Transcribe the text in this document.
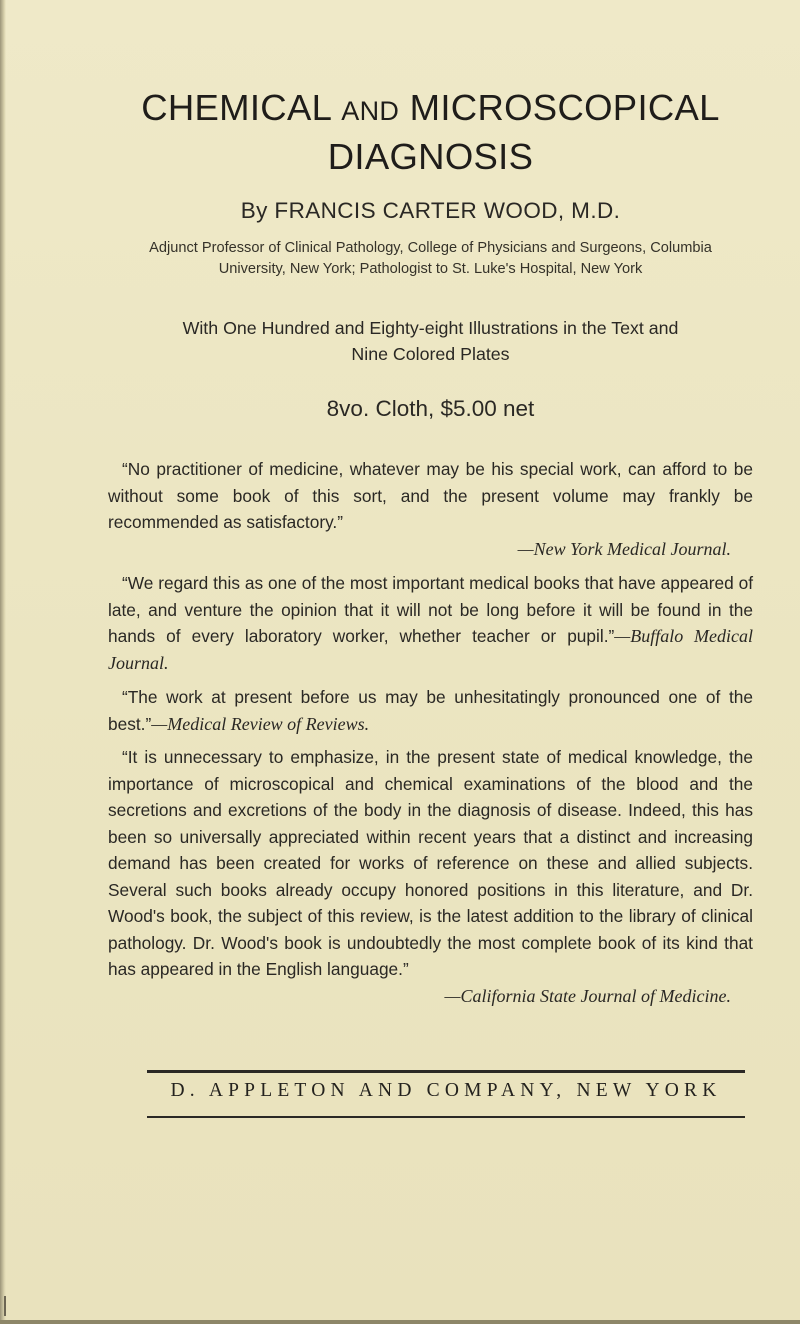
CHEMICAL AND MICROSCOPICAL
DIAGNOSIS
By FRANCIS CARTER WOOD, M.D.
Adjunct Professor of Clinical Pathology, College of Physicians and Surgeons, Columbia
University, New York; Pathologist to St. Luke's Hospital, New York
With One Hundred and Eighty-eight Illustrations in the Text and
Nine Colored Plates
8vo. Cloth, $5.00 net

“No practitioner of medicine, whatever may be his special work, can afford to be without some book of this sort, and the present volume may frankly be recommended as satisfactory.”

—New York Medical Journal.

“We regard this as one of the most important medical books that have appeared of late, and venture the opinion that it will not be long before it will be found in the hands of every laboratory worker, whether teacher or pupil.”—Buffalo Medical Journal.

“The work at present before us may be unhesitatingly pronounced one of the best.”—Medical Review of Reviews.

“It is unnecessary to emphasize, in the present state of medical knowledge, the importance of microscopical and chemical examinations of the blood and the secretions and excretions of the body in the diagnosis of disease. Indeed, this has been so universally appreciated within recent years that a distinct and increasing demand has been created for works of reference on these and allied subjects. Several such books already occupy honored positions in this literature, and Dr. Wood's book, the subject of this review, is the latest addition to the library of clinical pathology. Dr. Wood's book is undoubtedly the most complete book of its kind that has appeared in the English language.”

—California State Journal of Medicine.
D. APPLETON AND COMPANY, NEW YORK
